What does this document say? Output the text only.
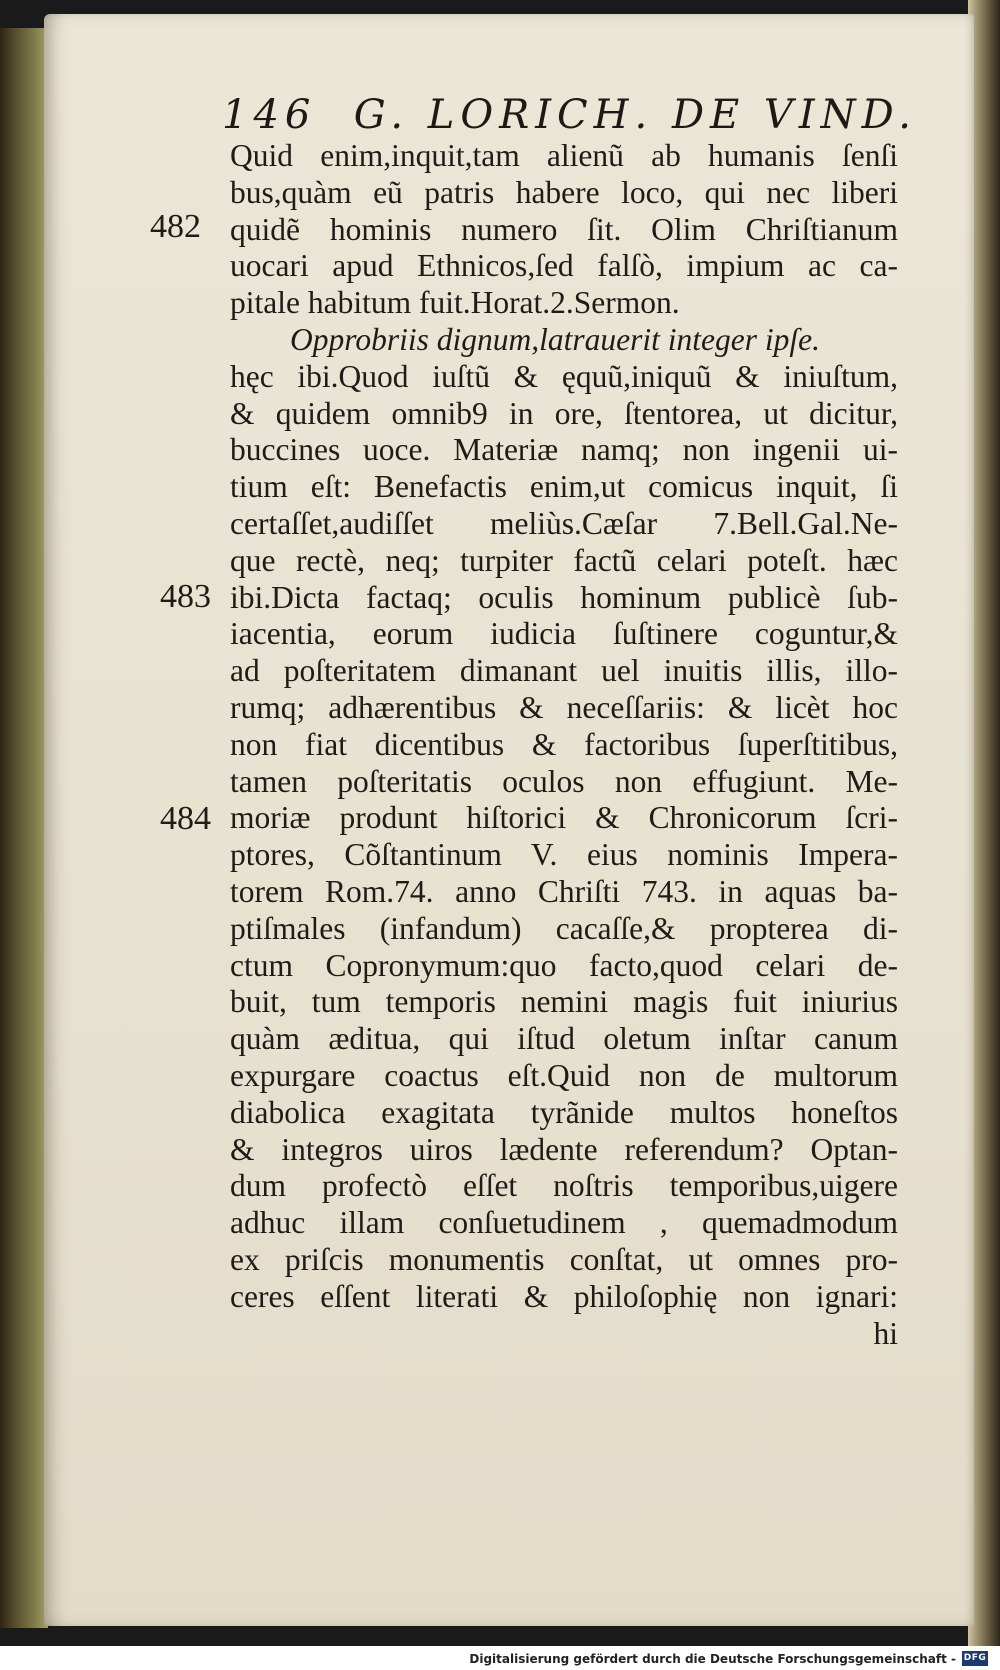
146 G. LORICH. DE VIND.
482
483
484
Quid enim,inquit,tam alienũ ab humanis ſenſi
bus,quàm eũ patris habere loco, qui nec liberi
quidẽ hominis numero ſit. Olim Chriſtianum
uocari apud Ethnicos,ſed falſò, impium ac ca-
pitale habitum fuit.Horat.2.Sermon.
Opprobriis dignum,latrauerit integer ipſe.
hęc ibi.Quod iuſtũ & ęquũ,iniquũ & iniuſtum,
& quidem omnib9 in ore, ſtentorea, ut dicitur,
buccines uoce. Materiæ namq; non ingenii ui-
tium eſt: Benefactis enim,ut comicus inquit, ſi
certaſſet,audiſſet meliùs.Cæſar 7.Bell.Gal.Ne-
que rectè, neq; turpiter factũ celari poteſt. hæc
ibi.Dicta factaq; oculis hominum publicè ſub-
iacentia, eorum iudicia ſuſtinere coguntur,&
ad poſteritatem dimanant uel inuitis illis, illo-
rumq; adhærentibus & neceſſariis: & licèt hoc
non fiat dicentibus & factoribus ſuperſtitibus,
tamen poſteritatis oculos non effugiunt. Me-
moriæ produnt hiſtorici & Chronicorum ſcri-
ptores, Cõſtantinum V. eius nominis Impera-
torem Rom.74. anno Chriſti 743. in aquas ba-
ptiſmales (infandum) cacaſſe,& propterea di-
ctum Copronymum:quo facto,quod celari de-
buit, tum temporis nemini magis fuit iniurius
quàm æditua, qui iſtud oletum inſtar canum
expurgare coactus eſt.Quid non de multorum
diabolica exagitata tyrãnide multos honeſtos
& integros uiros lædente referendum? Optan-
dum profectò eſſet noſtris temporibus,uigere
adhuc illam conſuetudinem , quemadmodum
ex priſcis monumentis conſtat, ut omnes pro-
ceres eſſent literati & philoſophię non ignari:
hi
Digitalisierung gefördert durch die Deutsche Forschungsgemeinschaft - DFG
